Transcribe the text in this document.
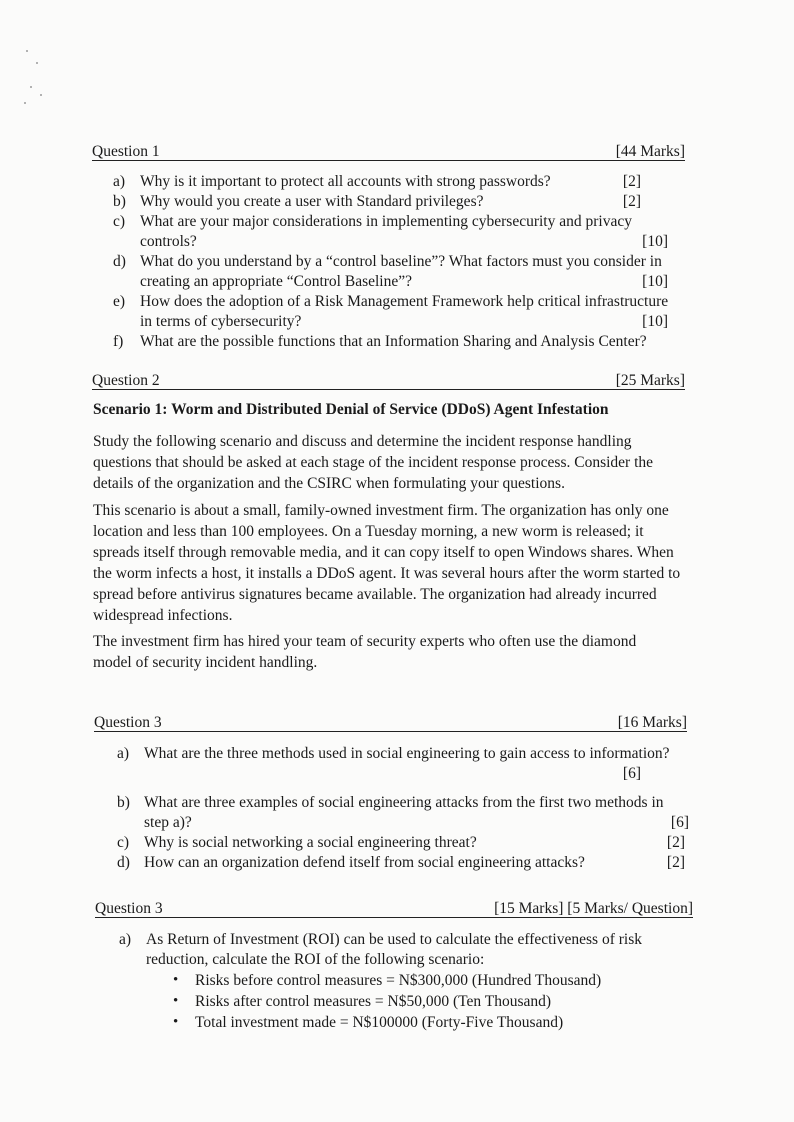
Question 1	[44 Marks]
a) Why is it important to protect all accounts with strong passwords?	[2]
b) Why would you create a user with Standard privileges?	[2]
c) What are your major considerations in implementing cybersecurity and privacy
controls?	[10]
d) What do you understand by a “control baseline”? What factors must you consider in
creating an appropriate “Control Baseline”?	[10]
e) How does the adoption of a Risk Management Framework help critical infrastructure
in terms of cybersecurity?	[10]
f) What are the possible functions that an Information Sharing and Analysis Center?
Question 2	[25 Marks]
Scenario 1: Worm and Distributed Denial of Service (DDoS) Agent Infestation
Study the following scenario and discuss and determine the incident response handling questions that should be asked at each stage of the incident response process. Consider the details of the organization and the CSIRC when formulating your questions.
This scenario is about a small, family-owned investment firm. The organization has only one location and less than 100 employees. On a Tuesday morning, a new worm is released; it spreads itself through removable media, and it can copy itself to open Windows shares. When the worm infects a host, it installs a DDoS agent. It was several hours after the worm started to spread before antivirus signatures became available. The organization had already incurred widespread infections.
The investment firm has hired your team of security experts who often use the diamond model of security incident handling.
Question 3	[16 Marks]
a) What are the three methods used in social engineering to gain access to information?
[6]
b) What are three examples of social engineering attacks from the first two methods in
step a)?	[6]
c) Why is social networking a social engineering threat?	[2]
d) How can an organization defend itself from social engineering attacks?	[2]
Question 3	[15 Marks] [5 Marks/ Question]
a) As Return of Investment (ROI) can be used to calculate the effectiveness of risk
reduction, calculate the ROI of the following scenario:
• Risks before control measures = N$300,000 (Hundred Thousand)
• Risks after control measures = N$50,000 (Ten Thousand)
• Total investment made = N$100000 (Forty-Five Thousand)
